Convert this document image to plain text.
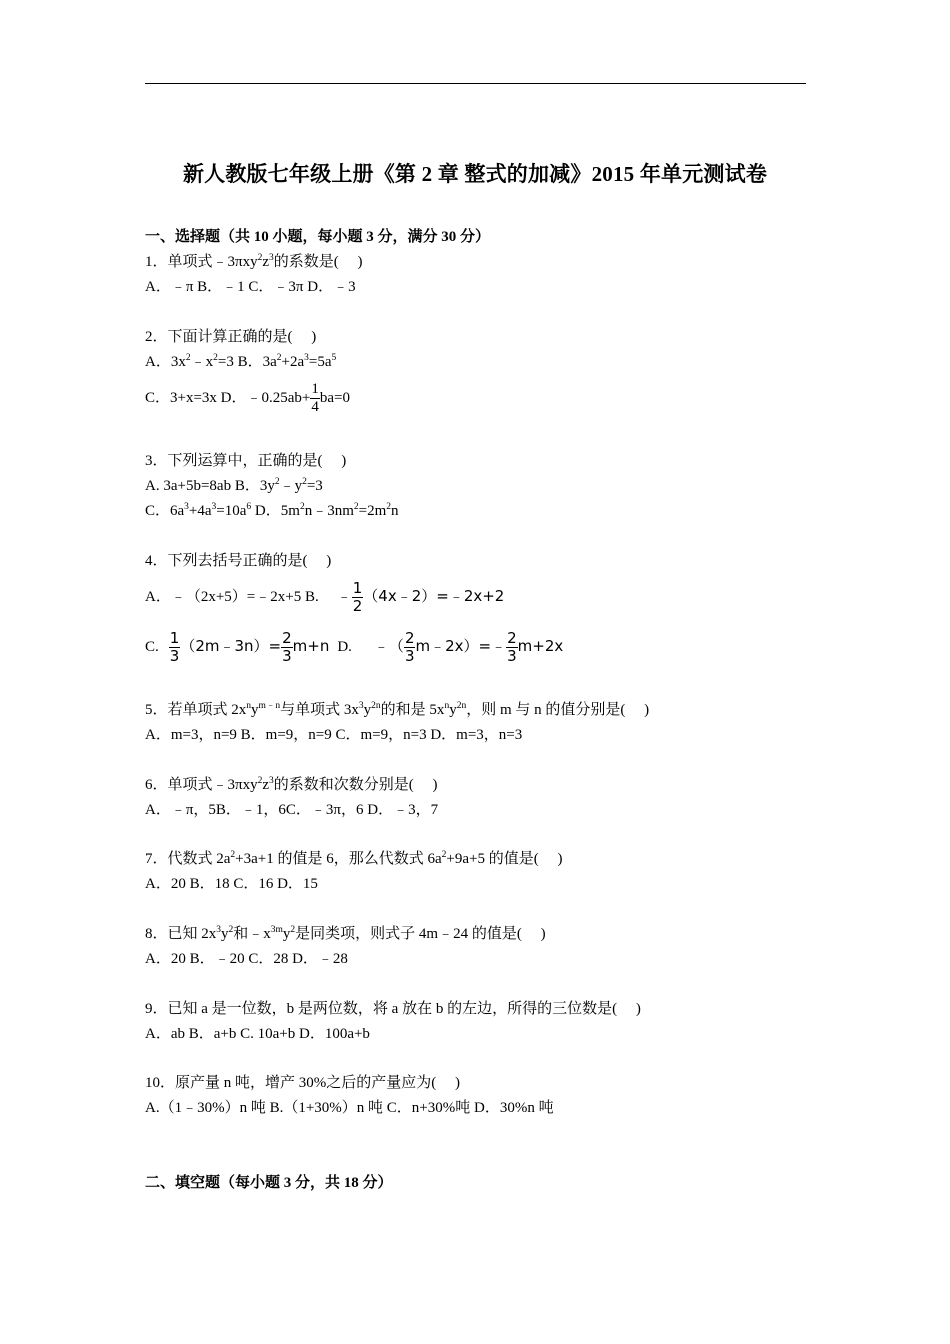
新人教版七年级上册《第 2 章 整式的加减》2015 年单元测试卷
一、选择题（共 10 小题，每小题 3 分，满分 30 分）
1．单项式$﹣3\pi xy^2z^3$的系数是(　 )
A．﹣π B．﹣1 C．﹣3π D．﹣3
2．下面计算正确的是(　 )
A．$3x^2﹣x^2=3$ B．$3a^2+2a^3=5a^5$
C．3+x=3x D．﹣0.25ab+ $\frac{1}{4} ba=0$
3．下列运算中，正确的是(　 )
A. 3a+5b=8ab B．$3y^2﹣y^2=3$
C．$6a^3+4a^3=10a^6$ D．$5m^2n﹣3nm^2=2m^2n$
4．下列去括号正确的是(　 )
A．﹣（2x+5）=﹣2x+5 B. ﹣ $\frac{1}{2}$ （4x﹣2）=﹣2x+2
C. $\frac{1}{3}$ （2m﹣3n）= $\frac{2}{3} m+n$ D. ﹣（ $\frac{2}{3}$ m﹣2x）=﹣ $\frac{2}{3} m+2x$
5．若单项式 $2x^ny^{m﹣n}$与单项式 $3x^3y^{2n}$的和是 $5x^ny^{2n}$，则 m 与 n 的值分别是(　 )
A．m=3，n=9 B．m=9，n=9 C．m=9，n=3 D．m=3，n=3
6．单项式$﹣3\pi xy^2z^3$的系数和次数分别是(　 )
A．﹣π，5B．﹣1，6C．﹣3π，6 D．﹣3，7
7．代数式 $2a^2+3a+1$ 的值是 6，那么代数式 $6a^2+9a+5$ 的值是(　 )
A．20 B．18 C．16 D．15
8．已知 $2x^3y^2$和$﹣x^{3m}y^2$是同类项，则式子 4m﹣24 的值是(　 )
A．20 B．﹣20 C．28 D．﹣28
9．已知 a 是一位数，b 是两位数，将 a 放在 b 的左边，所得的三位数是(　 )
A．ab B．a+b C. 10a+b D．100a+b
10．原产量 n 吨，增产 30%之后的产量应为(　 )
A.（1﹣30%）n 吨 B.（1+30%）n 吨 C．n+30%吨 D．30%n 吨
二、填空题（每小题 3 分，共 18 分）
